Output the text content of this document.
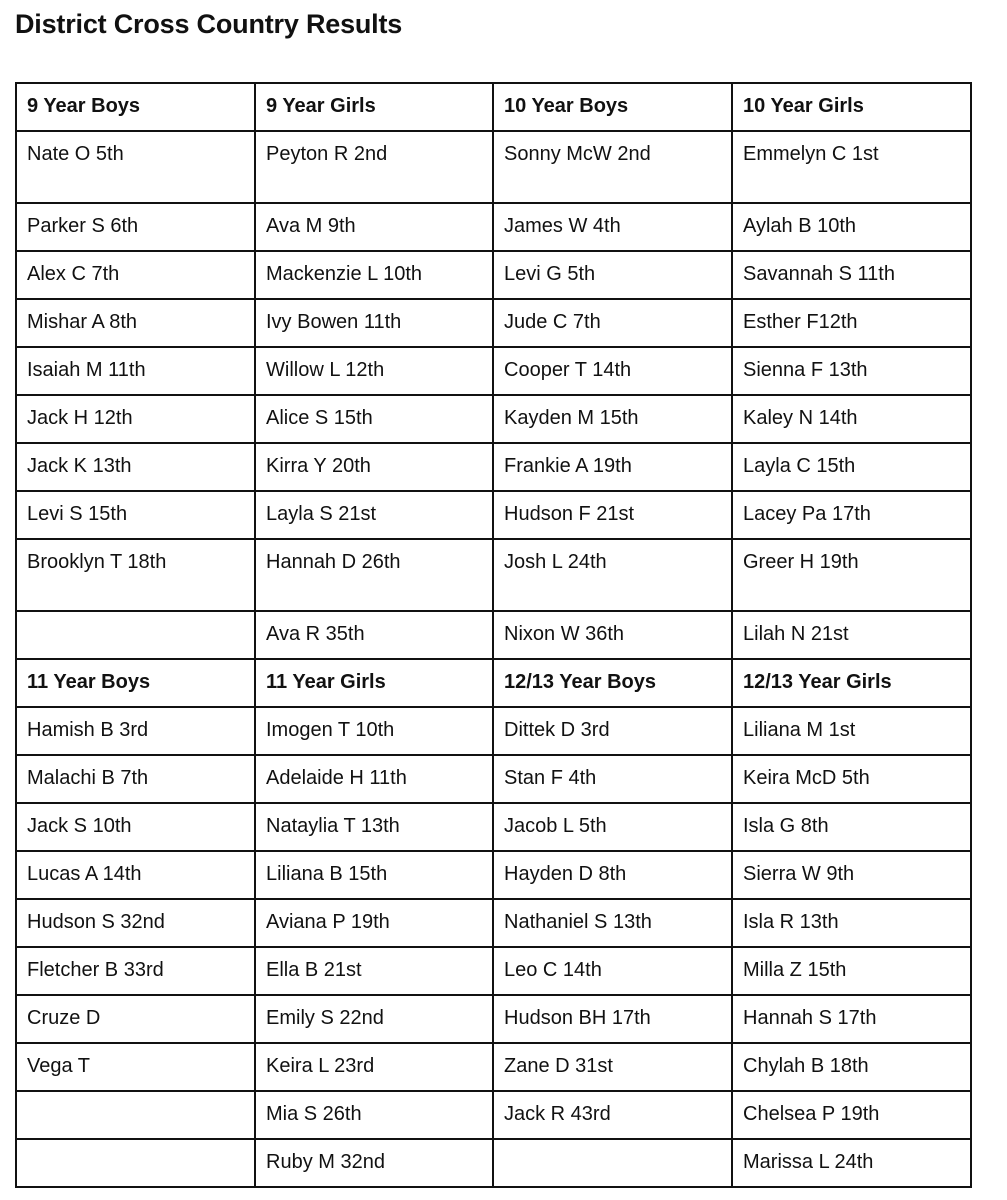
District Cross Country Results
9 Year Boys	9 Year Girls	10 Year Boys	10 Year Girls
Nate O 5th	Peyton R 2nd	Sonny McW 2nd	Emmelyn C 1st
Parker S 6th	Ava M 9th	James W 4th	Aylah B 10th
Alex C 7th	Mackenzie L 10th	Levi G 5th	Savannah S 11th
Mishar A 8th	Ivy Bowen 11th	Jude C 7th	Esther F12th
Isaiah M 11th	Willow L 12th	Cooper T 14th	Sienna F 13th
Jack H 12th	Alice S 15th	Kayden M 15th	Kaley N 14th
Jack K 13th	Kirra Y 20th	Frankie A 19th	Layla C 15th
Levi S 15th	Layla S 21st	Hudson F 21st	Lacey Pa 17th
Brooklyn T 18th	Hannah D 26th	Josh L 24th	Greer H 19th
	Ava R 35th	Nixon W 36th	Lilah N 21st
11 Year Boys	11 Year Girls	12/13 Year Boys	12/13 Year Girls
Hamish B 3rd	Imogen T 10th	Dittek D 3rd	Liliana M 1st
Malachi B 7th	Adelaide H 11th	Stan F 4th	Keira McD 5th
Jack S 10th	Nataylia T 13th	Jacob L 5th	Isla G 8th
Lucas A 14th	Liliana B 15th	Hayden D 8th	Sierra W 9th
Hudson S 32nd	Aviana P 19th	Nathaniel S 13th	Isla R 13th
Fletcher B 33rd	Ella B 21st	Leo C 14th	Milla Z 15th
Cruze D	Emily S 22nd	Hudson BH 17th	Hannah S 17th
Vega T	Keira L 23rd	Zane D 31st	Chylah B 18th
	Mia S 26th	Jack R 43rd	Chelsea P 19th
	Ruby M 32nd		Marissa L 24th
